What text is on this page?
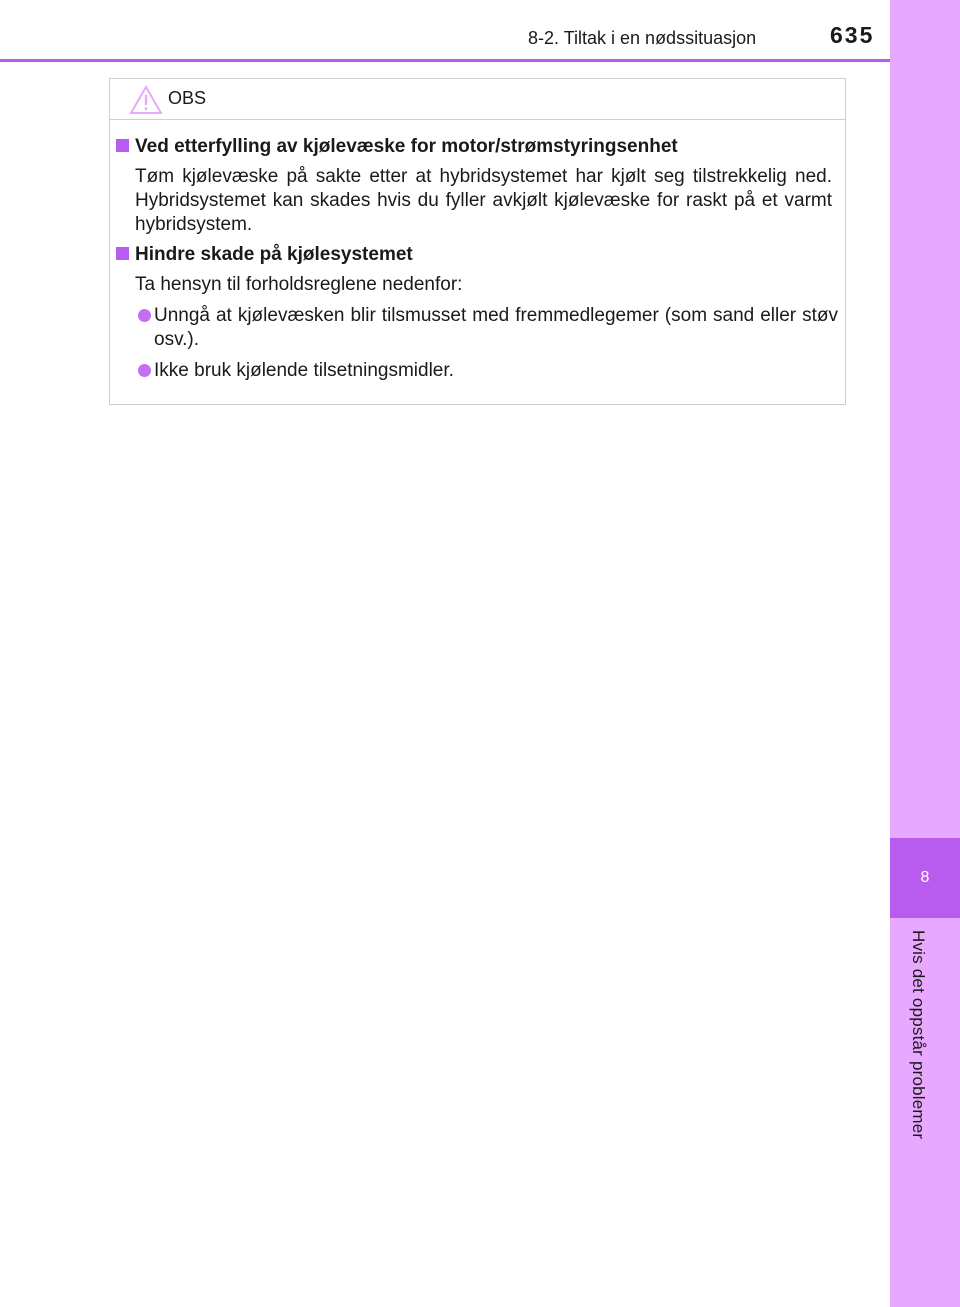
8
Hvis det oppstår problemer
8-2. Tiltak i en nødssituasjon	635
OBS
Ved etterfylling av kjølevæske for motor/strømstyringsenhet
Tøm kjølevæske på sakte etter at hybridsystemet har kjølt seg tilstrekkelig ned. Hybridsystemet kan skades hvis du fyller avkjølt kjølevæske for raskt på et varmt hybridsystem.
Hindre skade på kjølesystemet
Ta hensyn til forholdsreglene nedenfor:
Unngå at kjølevæsken blir tilsmusset med fremmedlegemer (som sand eller støv osv.).
Ikke bruk kjølende tilsetningsmidler.
